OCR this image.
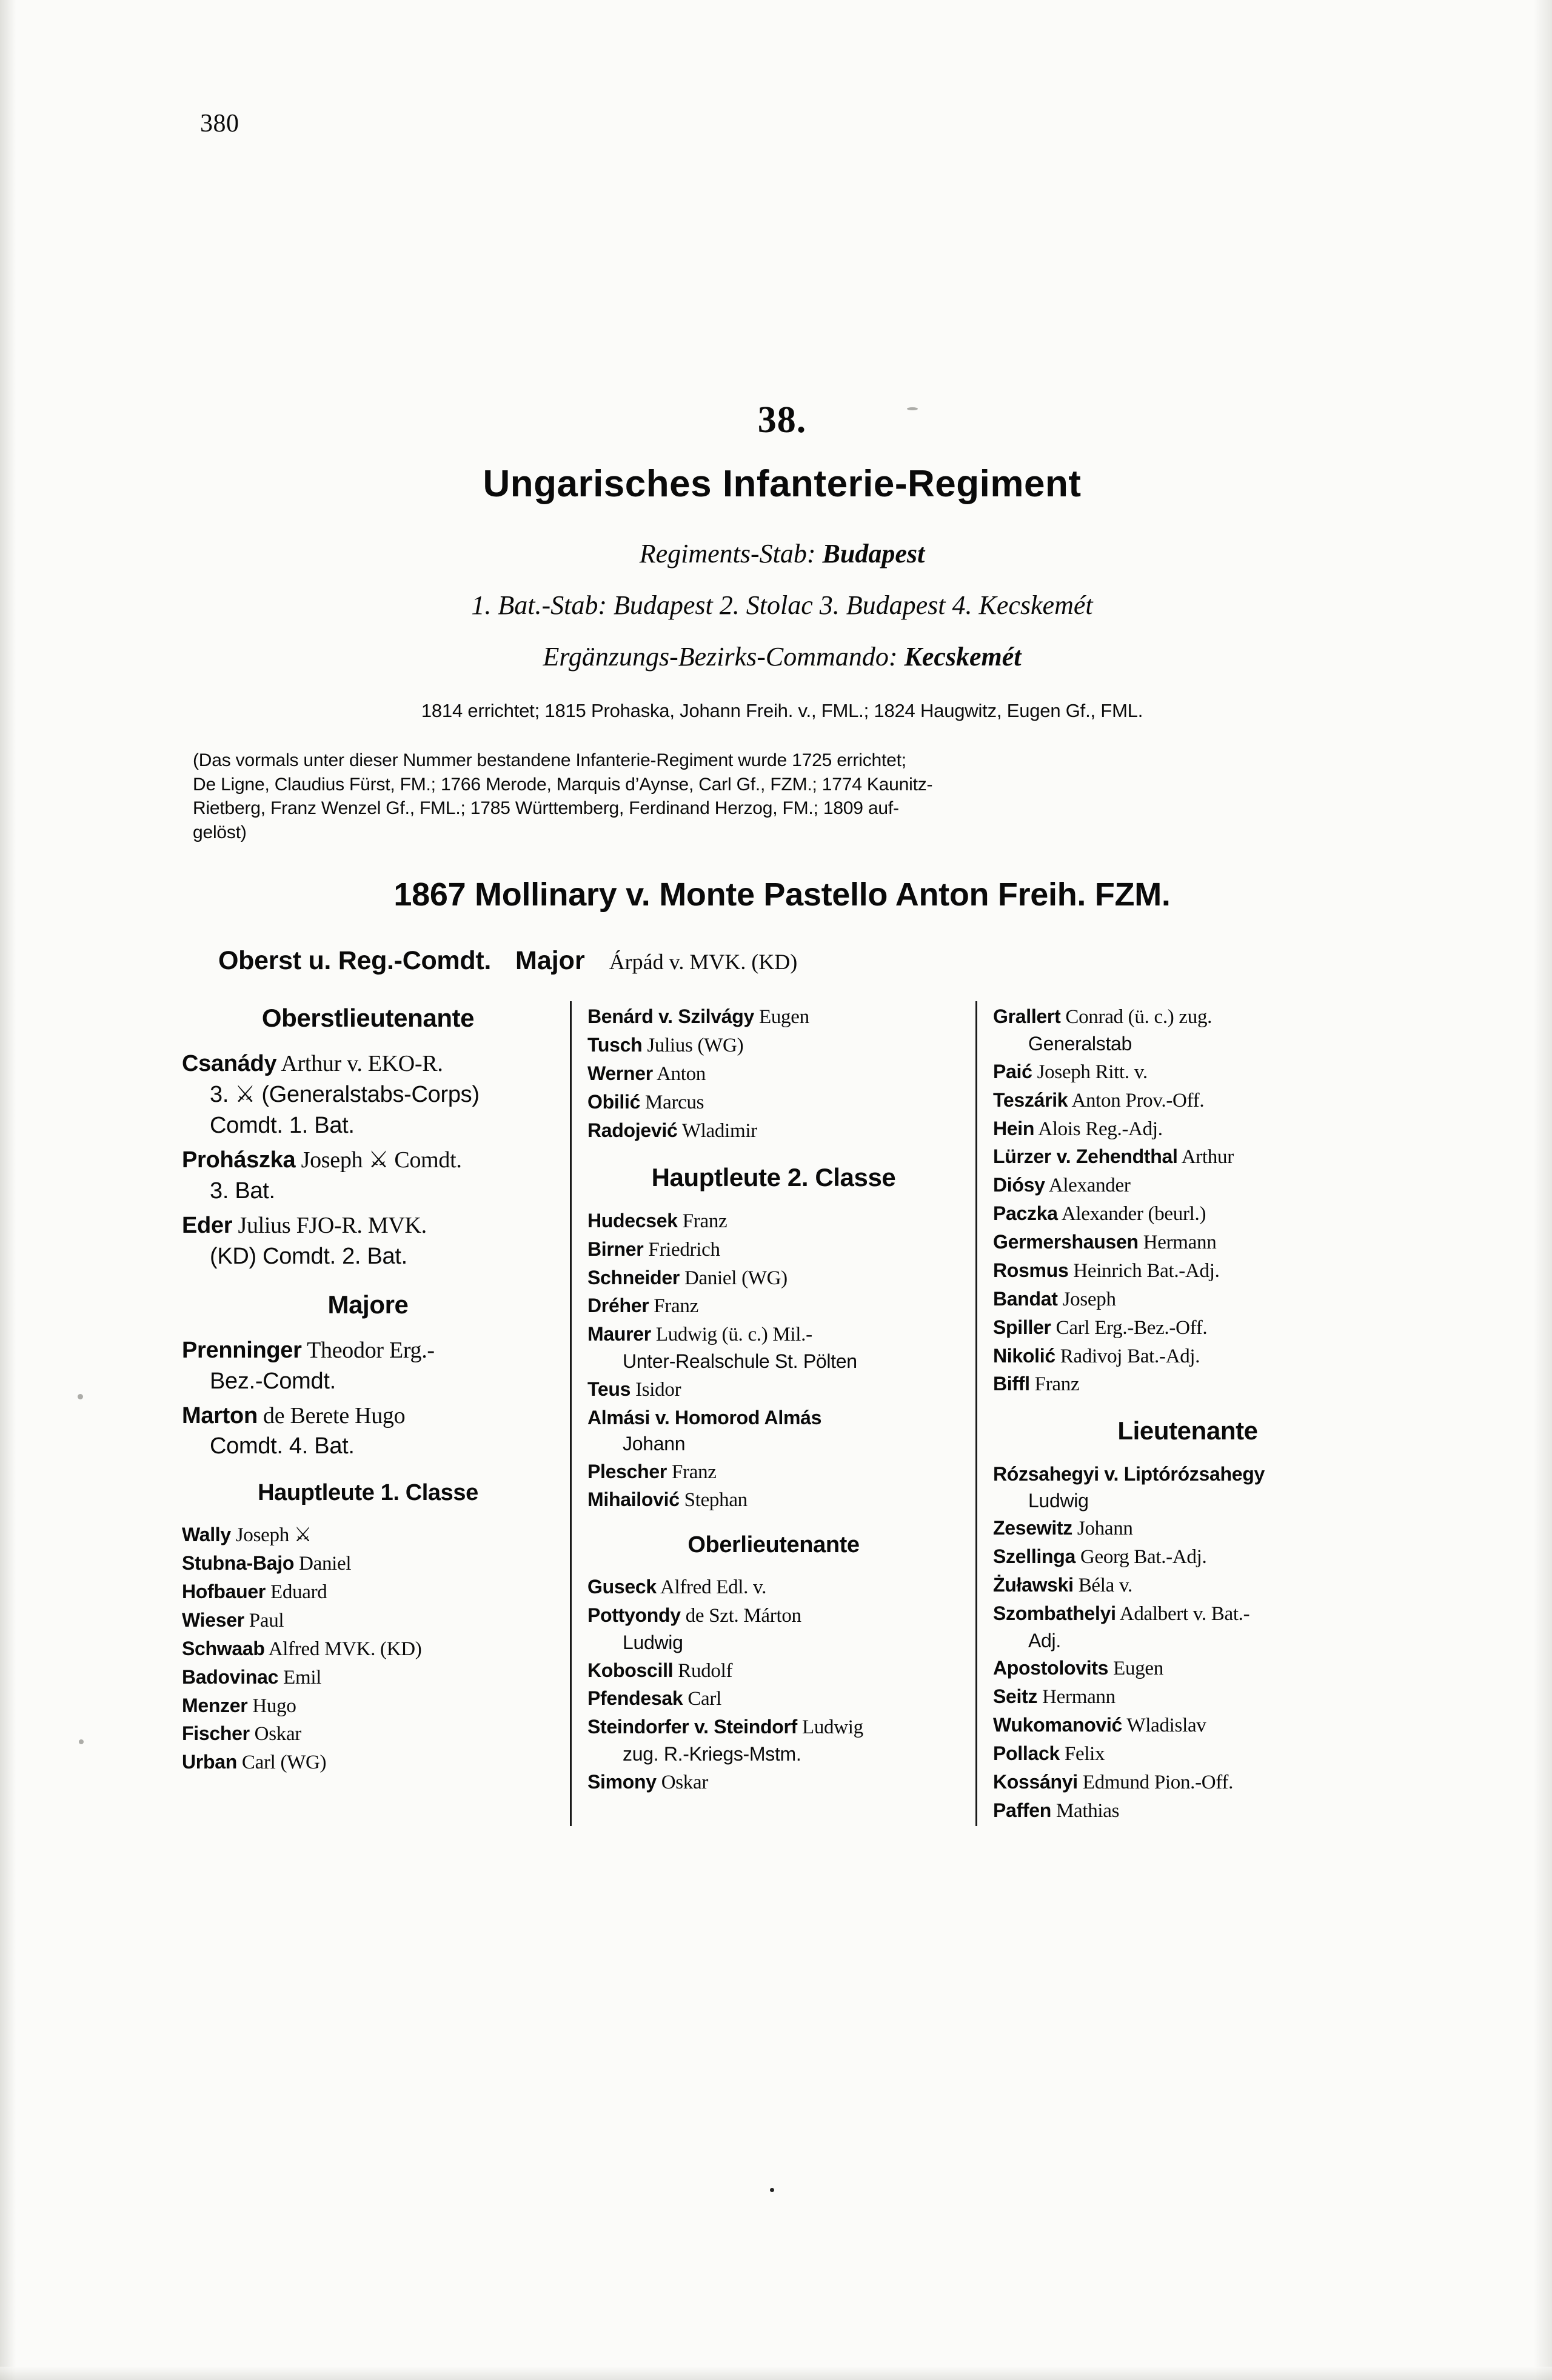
380
38.
Ungarisches Infanterie-Regiment
Regiments-Stab: Budapest
1. Bat.-Stab: Budapest 2. Stolac 3. Budapest 4. Kecskemét
Ergänzungs-Bezirks-Commando: Kecskemét
1814 errichtet; 1815 Prohaska, Johann Freih. v., FML.; 1824 Haugwitz, Eugen Gf., FML.
(Das vormals unter dieser Nummer bestandene Infanterie-Regiment wurde 1725 errichtet;
De Ligne, Claudius Fürst, FM.; 1766 Merode, Marquis d’Aynse, Carl Gf., FZM.; 1774 Kaunitz-
Rietberg, Franz Wenzel Gf., FML.; 1785 Württemberg, Ferdinand Herzog, FM.; 1809 auf-
gelöst)
1867 Mollinary v. Monte Pastello Anton Freih. FZM.
Oberst u. Reg.-Comdt. Major Árpád v. MVK. (KD)
Oberstlieutenante
Csanády Arthur v. EKO-R.
3. ⚔ (Generalstabs-Corps)
Comdt. 1. Bat.
Prohászka Joseph ⚔ Comdt.
3. Bat.
Eder Julius FJO-R. MVK.
(KD) Comdt. 2. Bat.
Majore
Prenninger Theodor Erg.-
Bez.-Comdt.
Marton de Berete Hugo
Comdt. 4. Bat.
Hauptleute 1. Classe
Wally Joseph ⚔
Stubna-Bajo Daniel
Hofbauer Eduard
Wieser Paul
Schwaab Alfred MVK. (KD)
Badovinac Emil
Menzer Hugo
Fischer Oskar
Urban Carl (WG)
Benárd v. Szilvágy Eugen
Tusch Julius (WG)
Werner Anton
Obilić Marcus
Radojević Wladimir
Hauptleute 2. Classe
Hudecsek Franz
Birner Friedrich
Schneider Daniel (WG)
Dréher Franz
Maurer Ludwig (ü. c.) Mil.-
Unter-Realschule St. Pölten
Teus Isidor
Almási v. Homorod Almás
Johann
Plescher Franz
Mihailović Stephan
Oberlieutenante
Guseck Alfred Edl. v.
Pottyondy de Szt. Márton
Ludwig
Koboscill Rudolf
Pfendesak Carl
Steindorfer v. Steindorf Ludwig
zug. R.-Kriegs-Mstm.
Simony Oskar
Grallert Conrad (ü. c.) zug.
Generalstab
Paić Joseph Ritt. v.
Teszárik Anton Prov.-Off.
Hein Alois Reg.-Adj.
Lürzer v. Zehendthal Arthur
Diósy Alexander
Paczka Alexander (beurl.)
Germershausen Hermann
Rosmus Heinrich Bat.-Adj.
Bandat Joseph
Spiller Carl Erg.-Bez.-Off.
Nikolić Radivoj Bat.-Adj.
Biffl Franz
Lieutenante
Rózsahegyi v. Liptórózsahegy
Ludwig
Zesewitz Johann
Szellinga Georg Bat.-Adj.
Żuławski Béla v.
Szombathelyi Adalbert v. Bat.-
Adj.
Apostolovits Eugen
Seitz Hermann
Wukomanović Wladislav
Pollack Felix
Kossányi Edmund Pion.-Off.
Paffen Mathias
